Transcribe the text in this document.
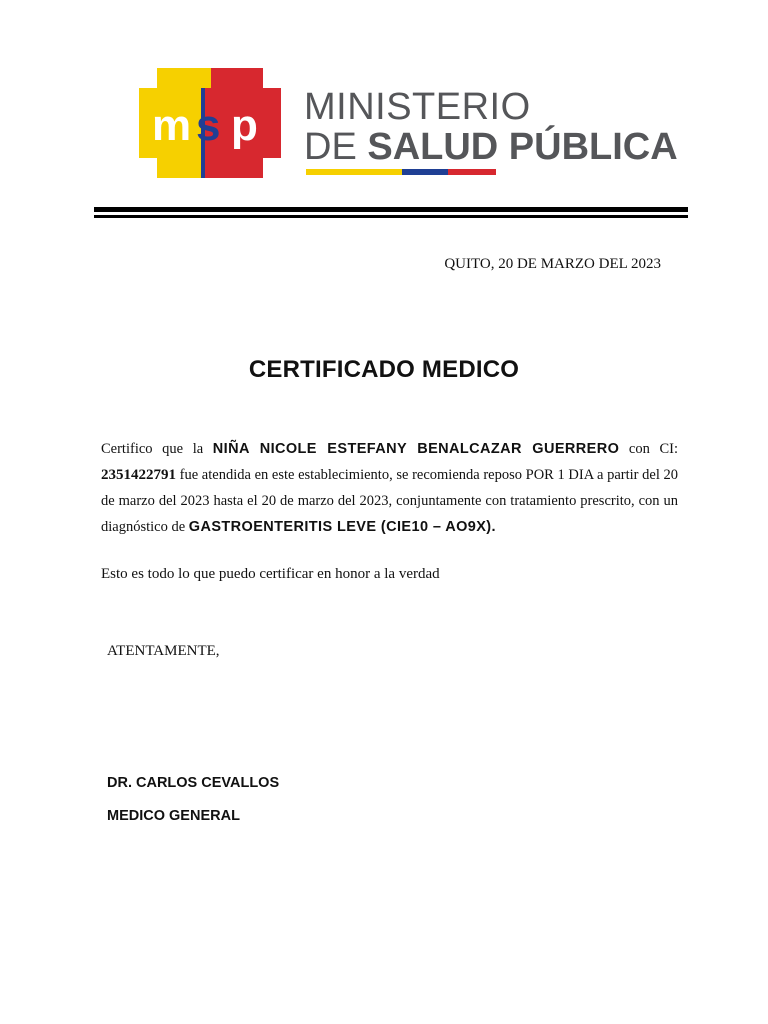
m s p MINISTERIO
DE SALUD PÚBLICA
QUITO, 20 DE MARZO DEL 2023
CERTIFICADO MEDICO
Certifico que la NIÑA NICOLE ESTEFANY BENALCAZAR GUERRERO con CI: 2351422791 fue atendida en este establecimiento, se recomienda reposo POR 1 DIA a partir del 20 de marzo del 2023 hasta el 20 de marzo del 2023, conjuntamente con tratamiento prescrito, con un diagnóstico de GASTROENTERITIS LEVE (CIE10 – AO9X).
Esto es todo lo que puedo certificar en honor a la verdad
ATENTAMENTE,
DR. CARLOS CEVALLOS
MEDICO GENERAL
